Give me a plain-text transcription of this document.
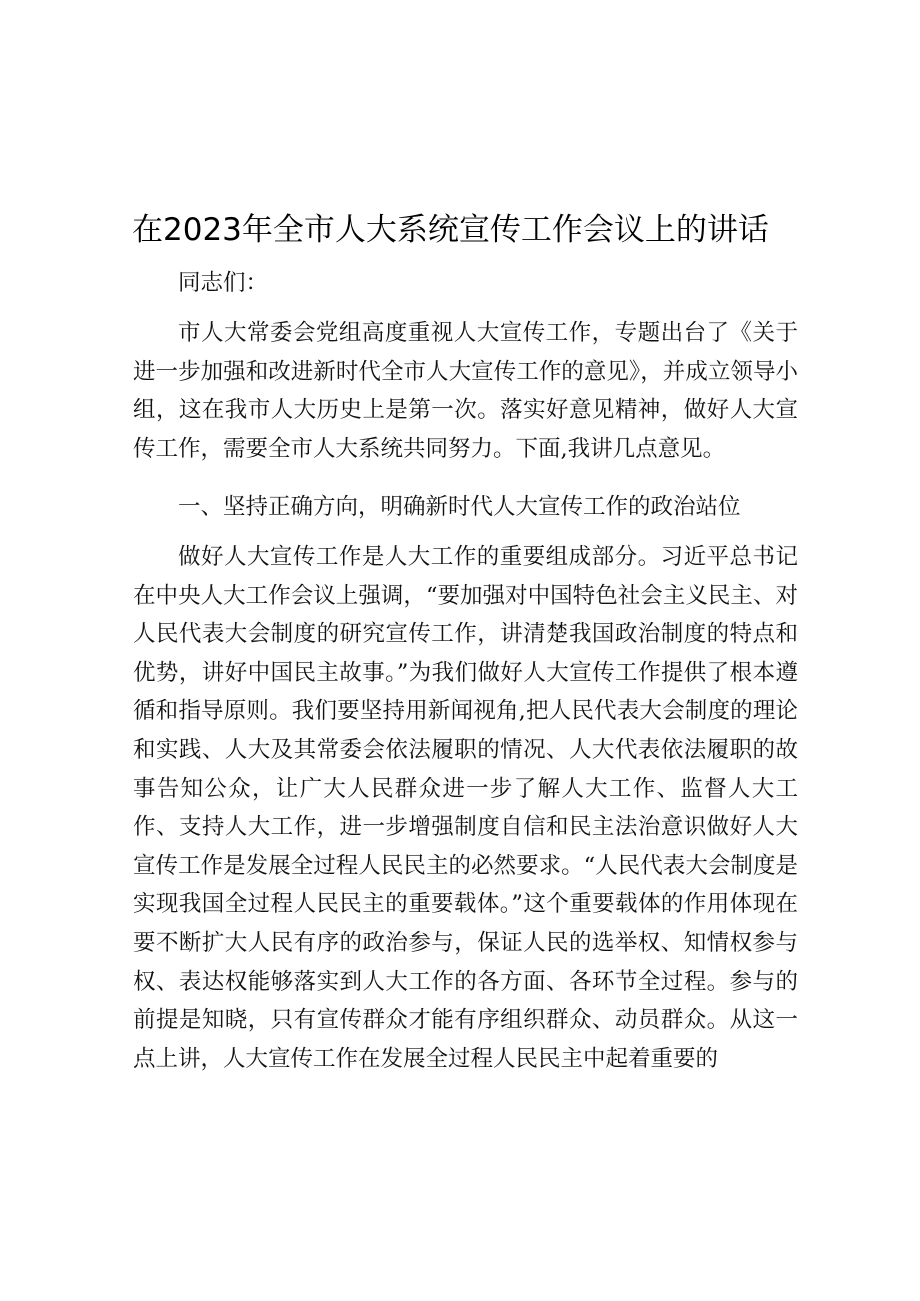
在2023年全市人大系统宣传工作会议上的讲话

同志们：

市人大常委会党组高度重视人大宣传工作，专题出台了《关于进一步加强和改进新时代全市人大宣传工作的意见》，并成立领导小组，这在我市人大历史上是第一次。落实好意见精神，做好人大宣传工作，需要全市人大系统共同努力。下面,我讲几点意见。

一、坚持正确方向，明确新时代人大宣传工作的政治站位

做好人大宣传工作是人大工作的重要组成部分。习近平总书记在中央人大工作会议上强调，“要加强对中国特色社会主义民主、对人民代表大会制度的研究宣传工作，讲清楚我国政治制度的特点和优势，讲好中国民主故事。”为我们做好人大宣传工作提供了根本遵循和指导原则。我们要坚持用新闻视角,把人民代表大会制度的理论和实践、人大及其常委会依法履职的情况、人大代表依法履职的故事告知公众，让广大人民群众进一步了解人大工作、监督人大工作、支持人大工作，进一步增强制度自信和民主法治意识做好人大宣传工作是发展全过程人民民主的必然要求。“人民代表大会制度是实现我国全过程人民民主的重要载体。”这个重要载体的作用体现在要不断扩大人民有序的政治参与，保证人民的选举权、知情权参与权、表达权能够落实到人大工作的各方面、各环节全过程。参与的前提是知晓，只有宣传群众才能有序组织群众、动员群众。从这一点上讲，人大宣传工作在发展全过程人民民主中起着重要的
